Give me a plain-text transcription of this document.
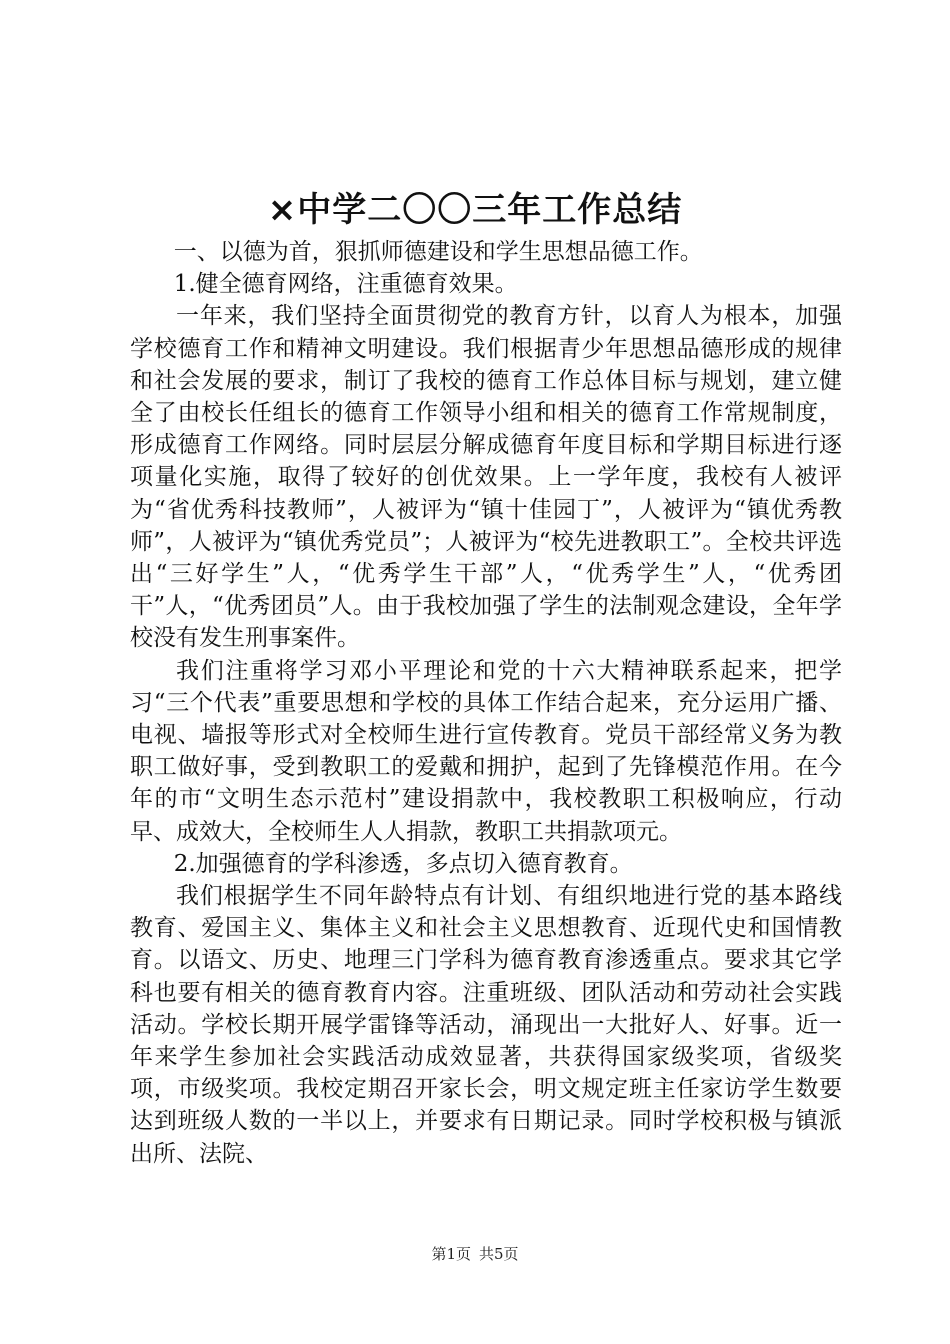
×中学二〇〇三年工作总结

一、以德为首，狠抓师德建设和学生思想品德工作。

1.健全德育网络，注重德育效果。

一年来，我们坚持全面贯彻党的教育方针，以育人为根本，加强学校德育工作和精神文明建设。我们根据青少年思想品德形成的规律和社会发展的要求，制订了我校的德育工作总体目标与规划，建立健全了由校长任组长的德育工作领导小组和相关的德育工作常规制度，形成德育工作网络。同时层层分解成德育年度目标和学期目标进行逐项量化实施，取得了较好的创优效果。上一学年度，我校有人被评为“省优秀科技教师”，人被评为“镇十佳园丁”，人被评为“镇优秀教师”，人被评为“镇优秀党员”；人被评为“校先进教职工”。全校共评选出“三好学生”人，“优秀学生干部”人，“优秀学生”人，“优秀团干”人，“优秀团员”人。由于我校加强了学生的法制观念建设，全年学校没有发生刑事案件。

我们注重将学习邓小平理论和党的十六大精神联系起来，把学习“三个代表”重要思想和学校的具体工作结合起来，充分运用广播、电视、墙报等形式对全校师生进行宣传教育。党员干部经常义务为教职工做好事，受到教职工的爱戴和拥护，起到了先锋模范作用。在今年的市“文明生态示范村”建设捐款中，我校教职工积极响应，行动早、成效大，全校师生人人捐款，教职工共捐款项元。

2.加强德育的学科渗透，多点切入德育教育。

我们根据学生不同年龄特点有计划、有组织地进行党的基本路线教育、爱国主义、集体主义和社会主义思想教育、近现代史和国情教育。以语文、历史、地理三门学科为德育教育渗透重点。要求其它学科也要有相关的德育教育内容。注重班级、团队活动和劳动社会实践活动。学校长期开展学雷锋等活动，涌现出一大批好人、好事。近一年来学生参加社会实践活动成效显著，共获得国家级奖项，省级奖项，市级奖项。我校定期召开家长会，明文规定班主任家访学生数要达到班级人数的一半以上，并要求有日期记录。同时学校积极与镇派出所、法院、

第1页 共5页
